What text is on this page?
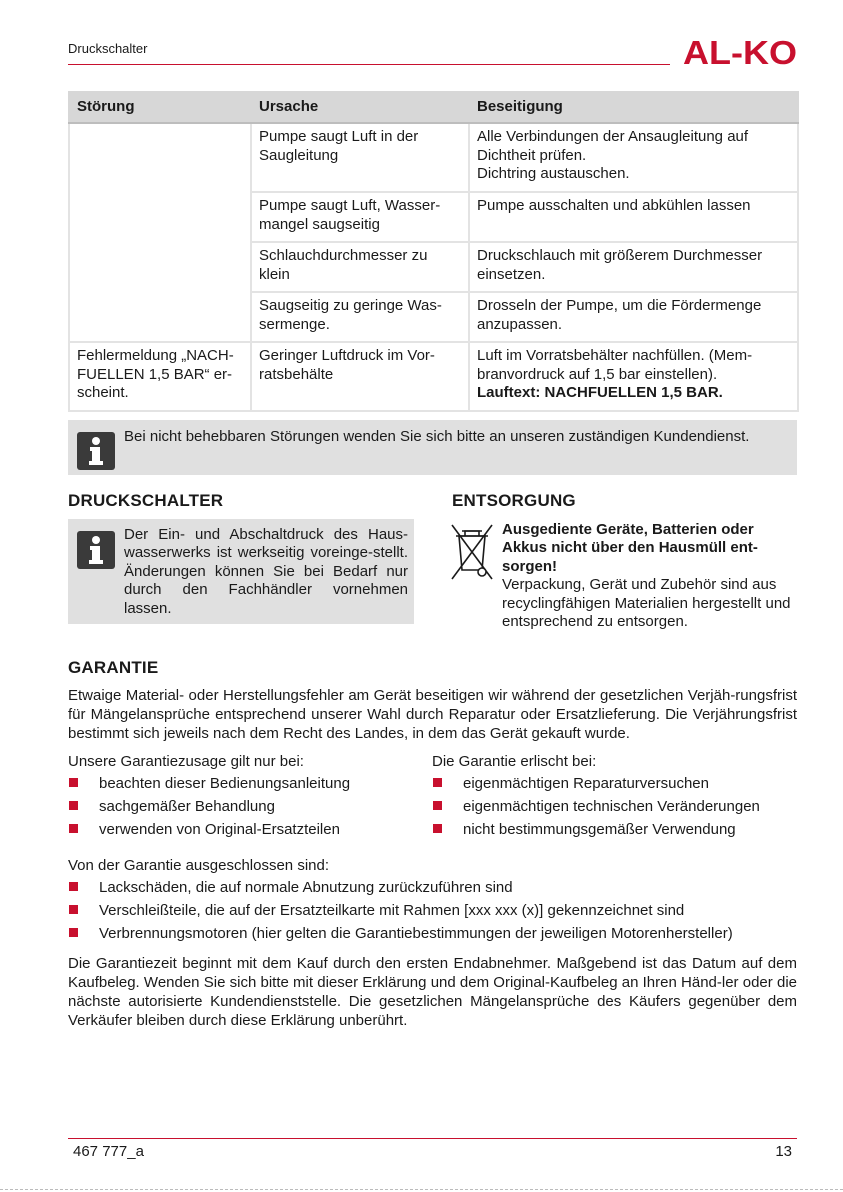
Druckschalter	AL-KO
Störung	Ursache	Beseitigung
	Pumpe saugt Luft in der Saugleitung	Alle Verbindungen der Ansaugleitung auf Dichtheit prüfen.
Dichtring austauschen.

	Pumpe saugt Luft, Wasser-mangel saugseitig	Pumpe ausschalten und abkühlen lassen
	Schlauchdurchmesser zu klein	Druckschlauch mit größerem Durchmesser einsetzen.
	Saugseitig zu geringe Was-sermenge.	Drosseln der Pumpe, um die Fördermenge anzupassen.
Fehlermeldung „NACH-FUELLEN 1,5 BAR“ er-scheint.	Geringer Luftdruck im Vor-ratsbehälte	Luft im Vorratsbehälter nachfüllen. (Mem-branvordruck auf 1,5 bar einstellen).
Lauftext: NACHFUELLEN 1,5 BAR.
Bei nicht behebbaren Störungen wenden Sie sich bitte an unseren zuständigen Kundendienst.
DRUCKSCHALTER
Der Ein- und Abschaltdruck des Haus-wasserwerks ist werkseitig voreinge-stellt. Änderungen können Sie bei Bedarf nur durch den Fachhändler vornehmen lassen.
ENTSORGUNG
Ausgediente Geräte, Batterien oder Akkus nicht über den Hausmüll ent-sorgen!
Verpackung, Gerät und Zubehör sind aus recyclingfähigen Materialien hergestellt und entsprechend zu entsorgen.
GARANTIE
Etwaige Material- oder Herstellungsfehler am Gerät beseitigen wir während der gesetzlichen Verjäh-rungsfrist für Mängelansprüche entsprechend unserer Wahl durch Reparatur oder Ersatzlieferung. Die Verjährungsfrist bestimmt sich jeweils nach dem Recht des Landes, in dem das Gerät gekauft wurde.
Unsere Garantiezusage gilt nur bei:
beachten dieser Bedienungsanleitung
sachgemäßer Behandlung
verwenden von Original-Ersatzteilen
Die Garantie erlischt bei:
eigenmächtigen Reparaturversuchen
eigenmächtigen technischen Veränderungen
nicht bestimmungsgemäßer Verwendung
Von der Garantie ausgeschlossen sind:
Lackschäden, die auf normale Abnutzung zurückzuführen sind
Verschleißteile, die auf der Ersatzteilkarte mit Rahmen [xxx xxx (x)] gekennzeichnet sind
Verbrennungsmotoren (hier gelten die Garantiebestimmungen der jeweiligen Motorenhersteller)
Die Garantiezeit beginnt mit dem Kauf durch den ersten Endabnehmer. Maßgebend ist das Datum auf dem Kaufbeleg. Wenden Sie sich bitte mit dieser Erklärung und dem Original-Kaufbeleg an Ihren Händ-ler oder die nächste autorisierte Kundendienststelle. Die gesetzlichen Mängelansprüche des Käufers gegenüber dem Verkäufer bleiben durch diese Erklärung unberührt.
467 777_a	13
